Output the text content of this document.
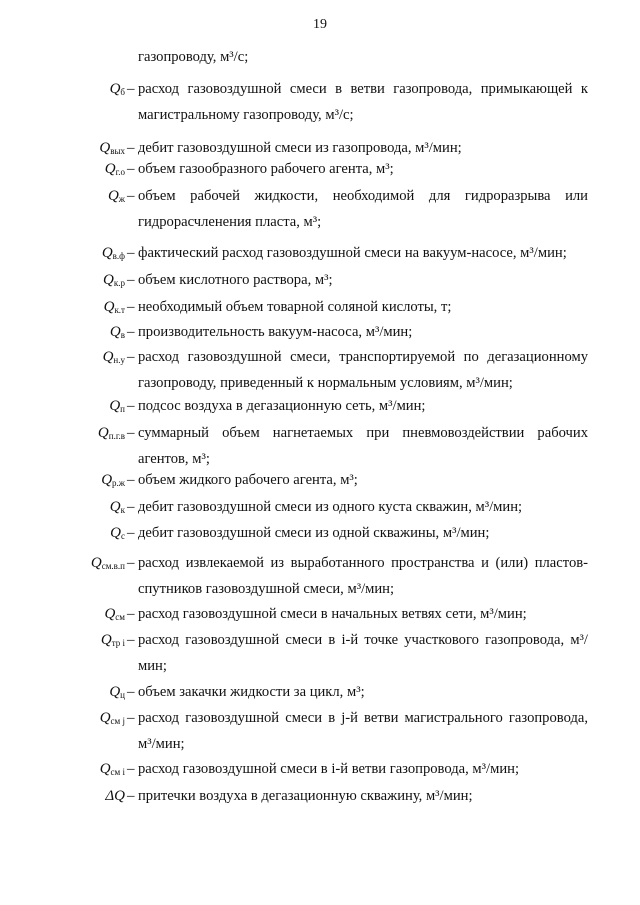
19
газопроводу, м³/с;
$Q_б$ – расход газовоздушной смеси в ветви газопровода, примыкающей к магистральному газопроводу, м³/с;
$Q_{вых}$ – дебит газовоздушной смеси из газопровода, м³/мин;
$Q_{г.о}$ – объем газообразного рабочего агента, м³;
$Q_ж$ – объем рабочей жидкости, необходимой для гидроразрыва или гидрорасчленения пласта, м³;
$Q_{в.ф}$ – фактический расход газовоздушной смеси на вакуум-насосе, м³/мин;
$Q_{к.р}$ – объем кислотного раствора, м³;
$Q_{к.т}$ – необходимый объем товарной соляной кислоты, т;
$Q_в$ – производительность вакуум-насоса, м³/мин;
$Q_{н.у}$ – расход газовоздушной смеси, транспортируемой по дегазационному газопроводу, приведенный к нормальным условиям, м³/мин;
$Q_п$ – подсос воздуха в дегазационную сеть, м³/мин;
$Q_{п.г.в}$ – суммарный объем нагнетаемых при пневмовоздействии рабочих агентов, м³;
$Q_{р.ж}$ – объем жидкого рабочего агента, м³;
$Q_к$ – дебит газовоздушной смеси из одного куста скважин, м³/мин;
$Q_с$ – дебит газовоздушной смеси из одной скважины, м³/мин;
$Q_{см.в.п}$ – расход извлекаемой из выработанного пространства и (или) пластов-спутников газовоздушной смеси, м³/мин;
$Q_{см}$ – расход газовоздушной смеси в начальных ветвях сети, м³/мин;
$Q_{тр i}$ – расход газовоздушной смеси в i-й точке участкового газопровода, м³/мин;
$Q_ц$ – объем закачки жидкости за цикл, м³;
$Q_{см j}$ – расход газовоздушной смеси в j-й ветви магистрального газопровода, м³/мин;
$Q_{см i}$ – расход газовоздушной смеси в i-й ветви газопровода, м³/мин;
ΔQ – притечки воздуха в дегазационную скважину, м³/мин;
